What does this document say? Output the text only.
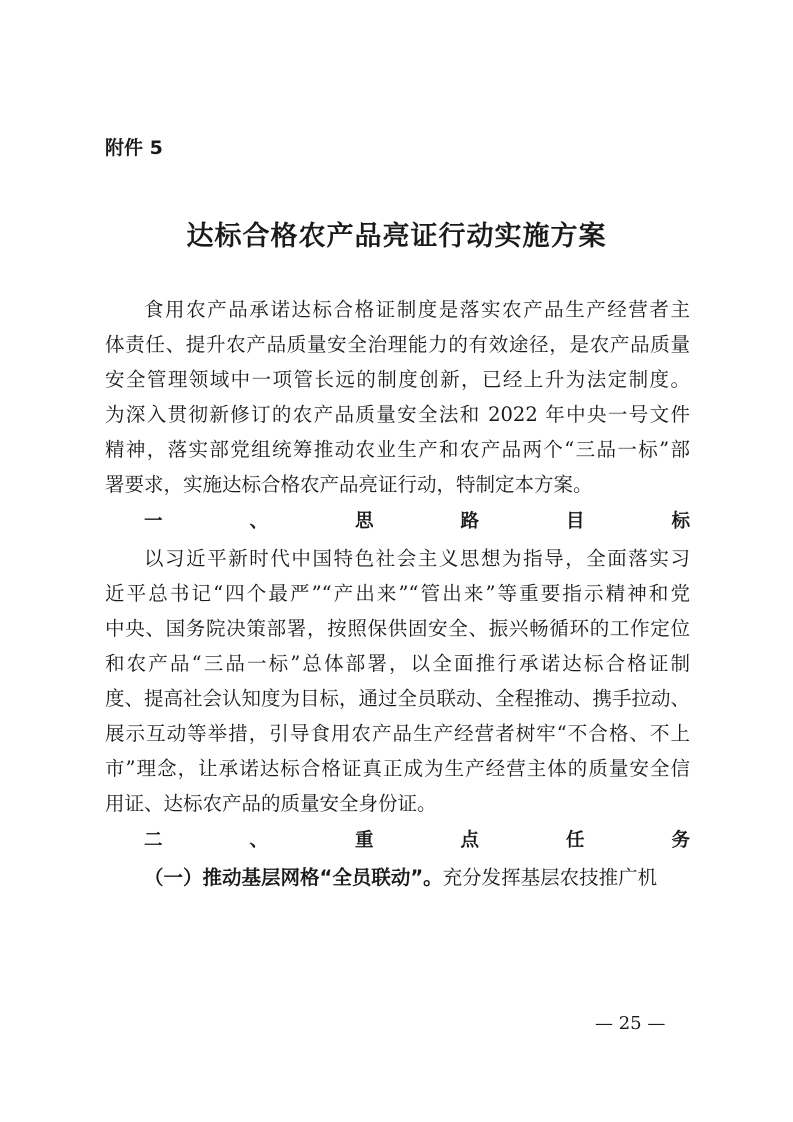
附件 5
达标合格农产品亮证行动实施方案
食用农产品承诺达标合格证制度是落实农产品生产经营者主
体责任、提升农产品质量安全治理能力的有效途径，是农产品质量
安全管理领域中一项管长远的制度创新，已经上升为法定制度。
为深入贯彻新修订的农产品质量安全法和 2022 年中央一号文件
精神，落实部党组统筹推动农业生产和农产品两个“三品一标”部
署要求，实施达标合格农产品亮证行动，特制定本方案。
一、思路目标
以习近平新时代中国特色社会主义思想为指导，全面落实习
近平总书记“四个最严”“产出来”“管出来”等重要指示精神和党
中央、国务院决策部署，按照保供固安全、振兴畅循环的工作定位
和农产品“三品一标”总体部署，以全面推行承诺达标合格证制
度、提高社会认知度为目标，通过全员联动、全程推动、携手拉动、
展示互动等举措，引导食用农产品生产经营者树牢“不合格、不上
市”理念，让承诺达标合格证真正成为生产经营主体的质量安全信
用证、达标农产品的质量安全身份证。
二、重点任务
（一）推动基层网格“全员联动”。充分发挥基层农技推广机
— 25 —
